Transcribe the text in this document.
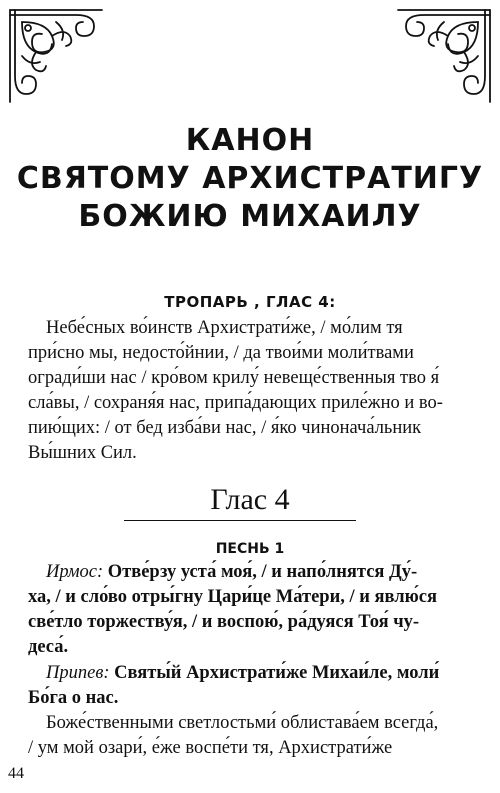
КАНОН
СВЯТОМУ АРХИСТРАТИГУ
БОЖИЮ МИХАИЛУ
ТРОПАРЬ , ГЛАС 4:
Небе́сных во́инств Архистрати́же, / мо́лим тя
при́сно мы, недосто́йнии, / да твои́ми моли́твами
огради́ши нас / кро́вом крилу́ невеще́ственныя тво я́
сла́вы, / сохраня́я нас, припа́дающих приле́жно и во-
пию́щих: / от бед изба́ви нас, / я́ко чинонача́льник
Вы́шних Сил.
Глас 4
ПЕСНЬ 1
Ирмос: Отве́рзу уста́ моя́, / и напо́лнятся Ду́-
ха, / и сло́во отры́гну Цари́це Ма́тери, / и явлю́ся
све́тло торжеству́я, / и воспою́, ра́дуяся Тоя́ чу-
деса́.
Припев: Святы́й Архистрати́же Михаи́ле, моли́
Бо́га о нас.
Боже́ственными светлостьми́ облистава́ем всегда́,
/ ум мой озари́, е́же воспе́ти тя, Архистрати́же
44
